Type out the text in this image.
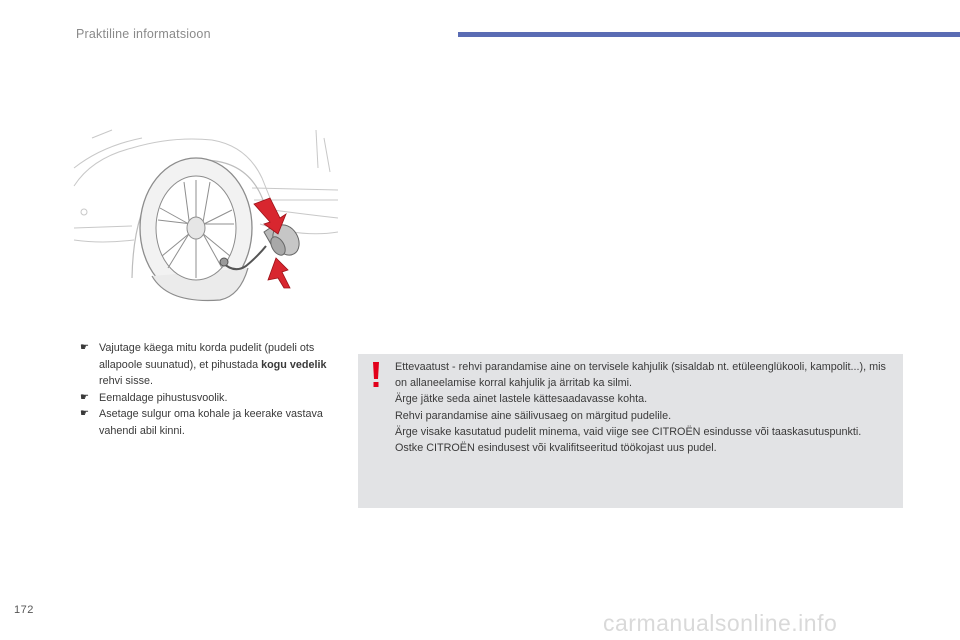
Praktiline informatsioon
☛ Vajutage käega mitu korda pudelit (pudeli ots allapoole suunatud), et pihustada kogu vedelik rehvi sisse.
☛ Eemaldage pihustusvoolik.
☛ Asetage sulgur oma kohale ja keerake vastava vahendi abil kinni.

Ettevaatust - rehvi parandamise aine on tervisele kahjulik (sisaldab nt. etüleenglükooli, kampolit...), mis on allaneelamise korral kahjulik ja ärritab ka silmi.

Ärge jätke seda ainet lastele kättesaadavasse kohta.

Rehvi parandamise aine säilivusaeg on märgitud pudelile.

Ärge visake kasutatud pudelit minema, vaid viige see CITROËN esindusse või taaskasutuspunkti.

Ostke CITROËN esindusest või kvalifitseeritud töökojast uus pudel.

172	carmanualsonline.info
